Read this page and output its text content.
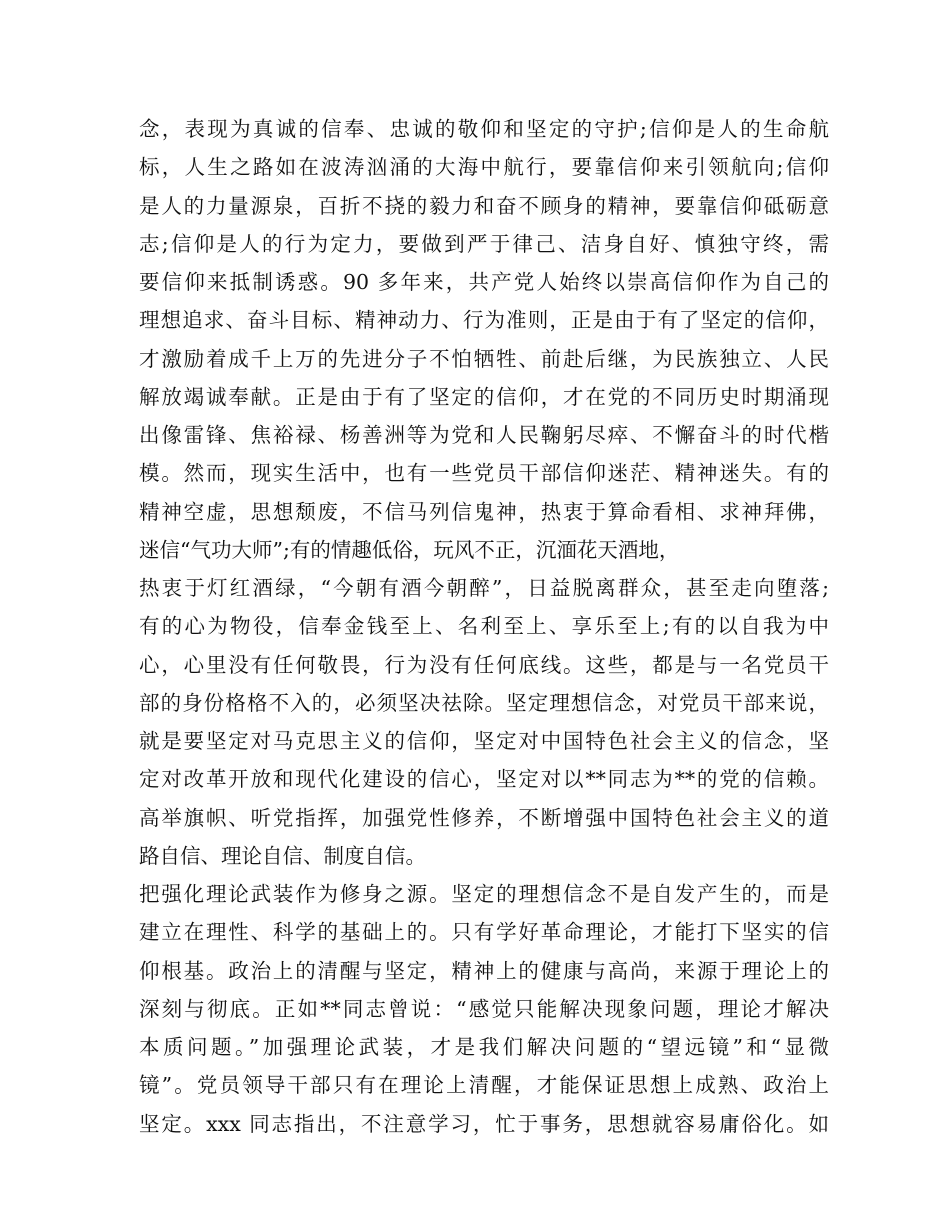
念，表现为真诚的信奉、忠诚的敬仰和坚定的守护;信仰是人的生命航
标，人生之路如在波涛汹涌的大海中航行，要靠信仰来引领航向;信仰
是人的力量源泉，百折不挠的毅力和奋不顾身的精神，要靠信仰砥砺意
志;信仰是人的行为定力，要做到严于律己、洁身自好、慎独守终，需
要信仰来抵制诱惑。90 多年来，共产党人始终以崇高信仰作为自己的
理想追求、奋斗目标、精神动力、行为准则，正是由于有了坚定的信仰，
才激励着成千上万的先进分子不怕牺牲、前赴后继，为民族独立、人民
解放竭诚奉献。正是由于有了坚定的信仰，才在党的不同历史时期涌现
出像雷锋、焦裕禄、杨善洲等为党和人民鞠躬尽瘁、不懈奋斗的时代楷
模。然而，现实生活中，也有一些党员干部信仰迷茫、精神迷失。有的
精神空虚，思想颓废，不信马列信鬼神，热衷于算命看相、求神拜佛，
迷信“气功大师”;有的情趣低俗，玩风不正，沉湎花天酒地，
热衷于灯红酒绿，“今朝有酒今朝醉”，日益脱离群众，甚至走向堕落;
有的心为物役，信奉金钱至上、名利至上、享乐至上;有的以自我为中
心，心里没有任何敬畏，行为没有任何底线。这些，都是与一名党员干
部的身份格格不入的，必须坚决祛除。坚定理想信念，对党员干部来说，
就是要坚定对马克思主义的信仰，坚定对中国特色社会主义的信念，坚
定对改革开放和现代化建设的信心，坚定对以**同志为**的党的信赖。
高举旗帜、听党指挥，加强党性修养，不断增强中国特色社会主义的道
路自信、理论自信、制度自信。
把强化理论武装作为修身之源。坚定的理想信念不是自发产生的，而是
建立在理性、科学的基础上的。只有学好革命理论，才能打下坚实的信
仰根基。政治上的清醒与坚定，精神上的健康与高尚，来源于理论上的
深刻与彻底。正如**同志曾说：“感觉只能解决现象问题，理论才解决
本质问题。”加强理论武装，才是我们解决问题的“望远镜”和“显微
镜”。党员领导干部只有在理论上清醒，才能保证思想上成熟、政治上
坚定。xxx 同志指出，不注意学习，忙于事务，思想就容易庸俗化。如
